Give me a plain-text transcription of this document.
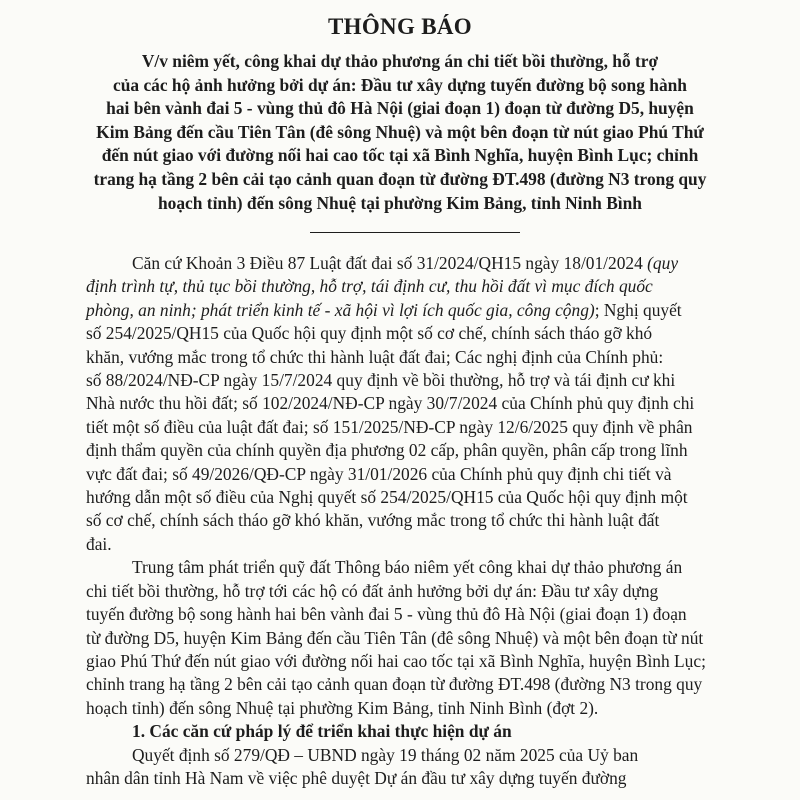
THÔNG BÁO
V/v niêm yết, công khai dự thảo phương án chi tiết bồi thường, hỗ trợ
của các hộ ảnh hưởng bởi dự án: Đầu tư xây dựng tuyến đường bộ song hành
hai bên vành đai 5 - vùng thủ đô Hà Nội (giai đoạn 1) đoạn từ đường D5, huyện
Kim Bảng đến cầu Tiên Tân (đê sông Nhuệ) và một bên đoạn từ nút giao Phú Thứ
đến nút giao với đường nối hai cao tốc tại xã Bình Nghĩa, huyện Bình Lục; chỉnh
trang hạ tầng 2 bên cải tạo cảnh quan đoạn từ đường ĐT.498 (đường N3 trong quy
hoạch tỉnh) đến sông Nhuệ tại phường Kim Bảng, tỉnh Ninh Bình
Căn cứ Khoản 3 Điều 87 Luật đất đai số 31/2024/QH15 ngày 18/01/2024 (quy
định trình tự, thủ tục bồi thường, hỗ trợ, tái định cư, thu hồi đất vì mục đích quốc
phòng, an ninh; phát triển kinh tế - xã hội vì lợi ích quốc gia, công cộng); Nghị quyết
số 254/2025/QH15 của Quốc hội quy định một số cơ chế, chính sách tháo gỡ khó
khăn, vướng mắc trong tổ chức thi hành luật đất đai; Các nghị định của Chính phủ:
số 88/2024/NĐ-CP ngày 15/7/2024 quy định về bồi thường, hỗ trợ và tái định cư khi
Nhà nước thu hồi đất; số 102/2024/NĐ-CP ngày 30/7/2024 của Chính phủ quy định chi
tiết một số điều của luật đất đai; số 151/2025/NĐ-CP ngày 12/6/2025 quy định về phân
định thẩm quyền của chính quyền địa phương 02 cấp, phân quyền, phân cấp trong lĩnh
vực đất đai; số 49/2026/QĐ-CP ngày 31/01/2026 của Chính phủ quy định chi tiết và
hướng dẫn một số điều của Nghị quyết số 254/2025/QH15 của Quốc hội quy định một
số cơ chế, chính sách tháo gỡ khó khăn, vướng mắc trong tổ chức thi hành luật đất
đai.
Trung tâm phát triển quỹ đất Thông báo niêm yết công khai dự thảo phương án
chi tiết bồi thường, hỗ trợ tới các hộ có đất ảnh hưởng bởi dự án: Đầu tư xây dựng
tuyến đường bộ song hành hai bên vành đai 5 - vùng thủ đô Hà Nội (giai đoạn 1) đoạn
từ đường D5, huyện Kim Bảng đến cầu Tiên Tân (đê sông Nhuệ) và một bên đoạn từ nút
giao Phú Thứ đến nút giao với đường nối hai cao tốc tại xã Bình Nghĩa, huyện Bình Lục;
chỉnh trang hạ tầng 2 bên cải tạo cảnh quan đoạn từ đường ĐT.498 (đường N3 trong quy
hoạch tỉnh) đến sông Nhuệ tại phường Kim Bảng, tỉnh Ninh Bình (đợt 2).
1. Các căn cứ pháp lý để triển khai thực hiện dự án
Quyết định số 279/QĐ – UBND ngày 19 tháng 02 năm 2025 của Uỷ ban
nhân dân tỉnh Hà Nam về việc phê duyệt Dự án đầu tư xây dựng tuyến đường
